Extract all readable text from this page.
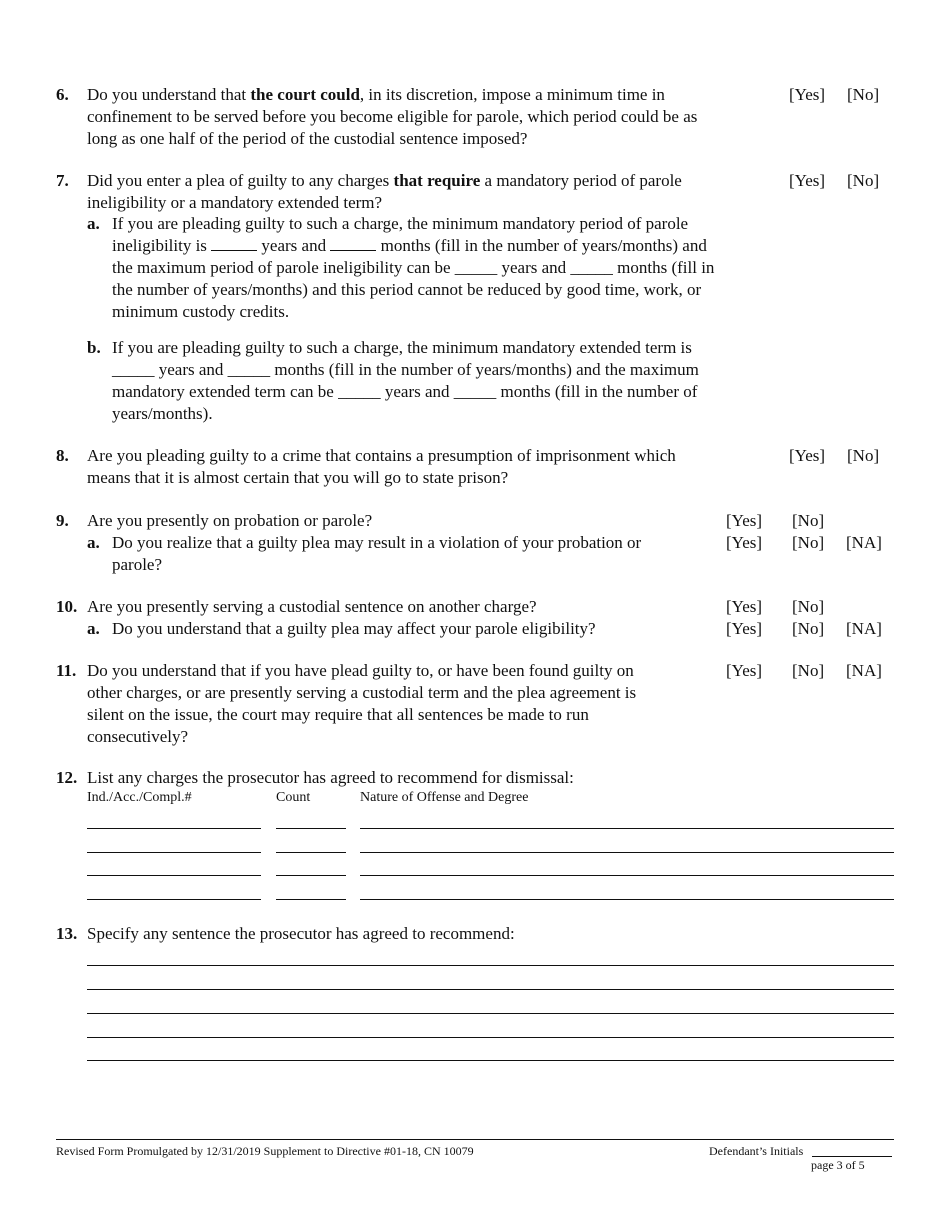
6. Do you understand that the court could, in its discretion, impose a minimum time in
confinement to be served before you become eligible for parole, which period could be as
long as one half of the period of the custodial sentence imposed?
[Yes] [No]
7. Did you enter a plea of guilty to any charges that require a mandatory period of parole
ineligibility or a mandatory extended term?
[Yes] [No]
a. If you are pleading guilty to such a charge, the minimum mandatory period of parole
ineligibility is	years and	months (fill in the number of years/months) and
the maximum period of parole ineligibility can be _____ years and _____ months (fill in
the number of years/months) and this period cannot be reduced by good time, work, or
minimum custody credits.
b. If you are pleading guilty to such a charge, the minimum mandatory extended term is
_____ years and _____ months (fill in the number of years/months) and the maximum
mandatory extended term can be _____ years and _____ months (fill in the number of
years/months).
8. Are you pleading guilty to a crime that contains a presumption of imprisonment which
means that it is almost certain that you will go to state prison?
[Yes] [No]
9. Are you presently on probation or parole?	[Yes] [No]
a. Do you realize that a guilty plea may result in a violation of your probation or
parole?
[Yes] [No] [NA]
10. Are you presently serving a custodial sentence on another charge?	[Yes] [No]
a. Do you understand that a guilty plea may affect your parole eligibility?	[Yes] [No] [NA]
11. Do you understand that if you have plead guilty to, or have been found guilty on
other charges, or are presently serving a custodial term and the plea agreement is
silent on the issue, the court may require that all sentences be made to run
consecutively?
[Yes] [No] [NA]
12. List any charges the prosecutor has agreed to recommend for dismissal:
Ind./Acc./Compl.#	Count	Nature of Offense and Degree
13. Specify any sentence the prosecutor has agreed to recommend:
Revised Form Promulgated by 12/31/2019 Supplement to Directive #01-18, CN 10079	Defendant’s Initials
page 3 of 5
